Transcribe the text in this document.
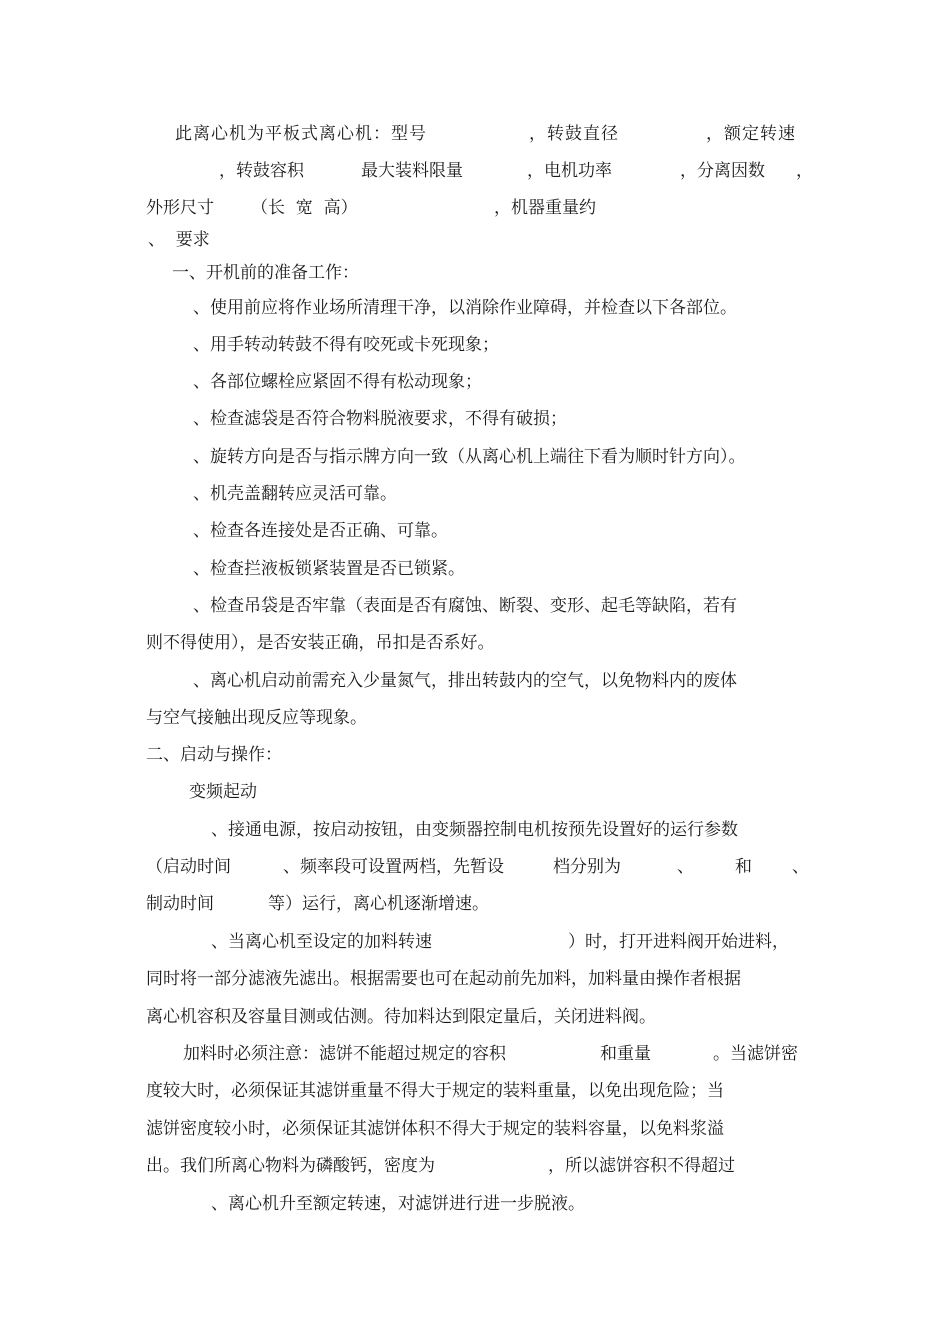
此离心机为平板式离心机：型号	，转鼓直径	，额定转速
，转鼓容积	最大装料限量	，电机功率	，分离因数 ，
外形尺寸 （长  宽  高）	，机器重量约
、  要求
一、开机前的准备工作：
、使用前应将作业场所清理干净，以消除作业障碍，并检查以下各部位。
、用手转动转鼓不得有咬死或卡死现象；
、各部位螺栓应紧固不得有松动现象；
、检查滤袋是否符合物料脱液要求，不得有破损；
、旋转方向是否与指示牌方向一致（从离心机上端往下看为顺时针方向）。
、机壳盖翻转应灵活可靠。
、检查各连接处是否正确、可靠。
、检查拦液板锁紧装置是否已锁紧。
、检查吊袋是否牢靠（表面是否有腐蚀、断裂、变形、起毛等缺陷，若有
则不得使用），是否安装正确，吊扣是否系好。
、离心机启动前需充入少量氮气，排出转鼓内的空气，以免物料内的废体
与空气接触出现反应等现象。
二、启动与操作：
变频起动
、接通电源，按启动按钮，由变频器控制电机按预先设置好的运行参数
（启动时间	、频率段可设置两档，先暂设	档分别为	、 和 、
制动时间	等）运行，离心机逐渐增速。
、当离心机至设定的加料转速	）时，打开进料阀开始进料，
同时将一部分滤液先滤出。根据需要也可在起动前先加料，加料量由操作者根据
离心机容积及容量目测或估测。待加料达到限定量后，关闭进料阀。
加料时必须注意：滤饼不能超过规定的容积	和重量	。当滤饼密
度较大时，必须保证其滤饼重量不得大于规定的装料重量，以免出现危险；当
滤饼密度较小时，必须保证其滤饼体积不得大于规定的装料容量，以免料浆溢
出。我们所离心物料为磷酸钙，密度为	，所以滤饼容积不得超过
、离心机升至额定转速，对滤饼进行进一步脱液。
